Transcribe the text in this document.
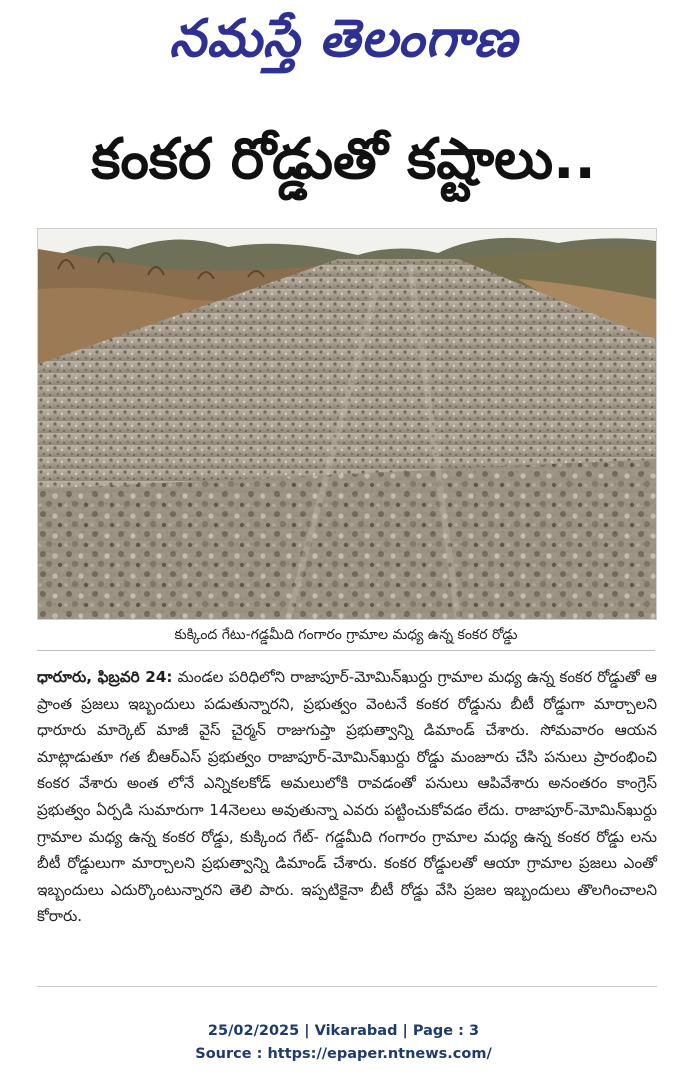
నమస్తే తెలంగాణ
కంకర రోడ్డుతో కష్టాలు..
కుక్కింద గేటు-గడ్డమీది గంగారం గ్రామాల మధ్య ఉన్న కంకర రోడ్డు

ధారూరు, ఫిబ్రవరి 24: మండల పరిధిలోని రాజాపూర్-మోమిన్‌ఖుర్దు గ్రామాల మధ్య ఉన్న కంకర రోడ్డుతో ఆ ప్రాంత ప్రజలు ఇబ్బందులు పడుతున్నారని, ప్రభుత్వం వెంటనే కంకర రోడ్డును బీటీ రోడ్డుగా మార్చాలని ధారూరు మార్కెట్ మాజీ వైస్ చైర్మన్ రాజుగుప్తా ప్రభుత్వాన్ని డిమాండ్ చేశారు. సోమవారం ఆయన మాట్లాడుతూ గత బీఆర్‌ఎస్ ప్రభుత్వం రాజాపూర్-మోమిన్‌ఖుర్దు రోడ్డు మంజూరు చేసి పనులు ప్రారంభించి కంకర వేశారు అంత లోనే ఎన్నికలకోడ్ అమలులోకి రావడంతో పనులు ఆపివేశారు అనంతరం కాంగ్రెస్ ప్రభుత్వం ఏర్పడి సుమారుగా 14నెలలు అవుతున్నా ఎవరు పట్టించుకోవడం లేదు. రాజాపూర్-మోమిన్‌ఖుర్దు గ్రామాల మధ్య ఉన్న కంకర రోడ్డు, కుక్కింద గేట్- గడ్డమీది గంగారం గ్రామాల మధ్య ఉన్న కంకర రోడ్డు లను బీటీ రోడ్డులుగా మార్చాలని ప్రభుత్వాన్ని డిమాండ్ చేశారు. కంకర రోడ్డులతో ఆయా గ్రామాల ప్రజలు ఎంతో ఇబ్బందులు ఎదుర్కొంటున్నారని తెలి పారు. ఇప్పటికైనా బీటీ రోడ్డు వేసి ప్రజల ఇబ్బందులు తొలగించాలని కోరారు.

25/02/2025 | Vikarabad | Page : 3
Source : https://epaper.ntnews.com/
